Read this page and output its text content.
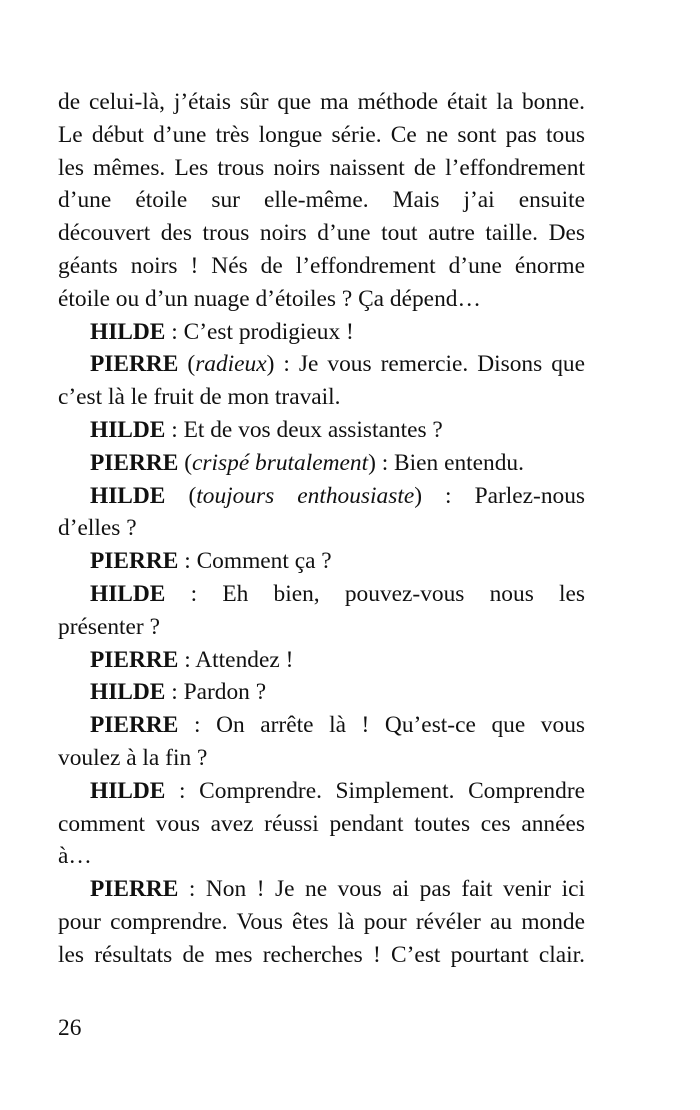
de celui-là, j’étais sûr que ma méthode était la bonne.
Le début d’une très longue série. Ce ne sont pas tous
les mêmes. Les trous noirs naissent de l’effondrement
d’une étoile sur elle-même. Mais j’ai ensuite
découvert des trous noirs d’une tout autre taille. Des
géants noirs ! Nés de l’effondrement d’une énorme
étoile ou d’un nuage d’étoiles ? Ça dépend…
HILDE : C’est prodigieux !
PIERRE (radieux) : Je vous remercie. Disons que
c’est là le fruit de mon travail.
HILDE : Et de vos deux assistantes ?
PIERRE (crispé brutalement) : Bien entendu.
HILDE (toujours enthousiaste) : Parlez-nous
d’elles ?
PIERRE : Comment ça ?
HILDE : Eh bien, pouvez-vous nous les
présenter ?
PIERRE : Attendez !
HILDE : Pardon ?
PIERRE : On arrête là ! Qu’est-ce que vous
voulez à la fin ?
HILDE : Comprendre. Simplement. Comprendre
comment vous avez réussi pendant toutes ces années
à…
PIERRE : Non ! Je ne vous ai pas fait venir ici
pour comprendre. Vous êtes là pour révéler au monde
les résultats de mes recherches ! C’est pourtant clair.
26
